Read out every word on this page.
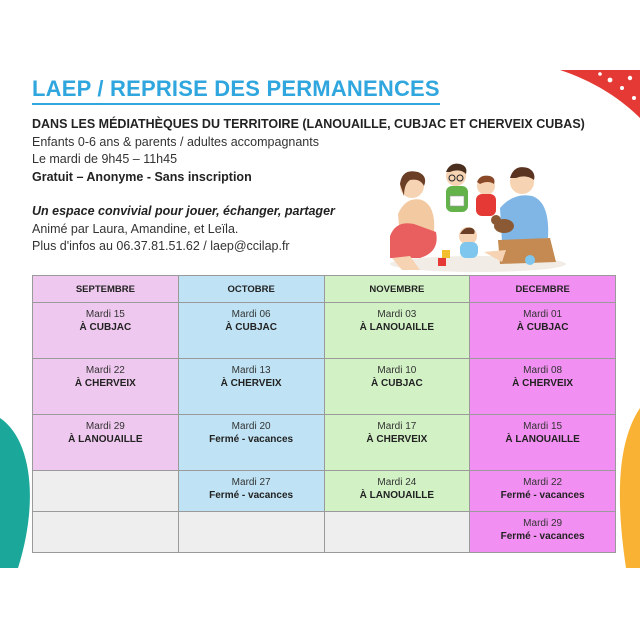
LAEP / REPRISE DES PERMANENCES
DANS LES MÉDIATHÈQUES DU TERRITOIRE (LANOUAILLE, CUBJAC ET CHERVEIX CUBAS)
Enfants 0-6 ans & parents / adultes accompagnants
Le mardi de 9h45 – 11h45
Gratuit – Anonyme - Sans inscription
Un espace convivial pour jouer, échanger, partager
Animé par Laura, Amandine, et Leïla.
Plus d'infos au 06.37.81.51.62 / laep@ccilap.fr
SEPTEMBRE	OCTOBRE	NOVEMBRE	DECEMBRE

Mardi 15
À CUBJAC	Mardi 06
À CUBJAC	Mardi 03
À LANOUAILLE	Mardi 01
À CUBJAC

Mardi 22
À CHERVEIX	Mardi 13
À CHERVEIX	Mardi 10
À CUBJAC	Mardi 08
À CHERVEIX

Mardi 29
À LANOUAILLE	Mardi 20
Fermé - vacances	Mardi 17
À CHERVEIX	Mardi 15
À LANOUAILLE

	Mardi 27
Fermé - vacances	Mardi 24
À LANOUAILLE	Mardi 22
Fermé - vacances

			Mardi 29
Fermé - vacances
